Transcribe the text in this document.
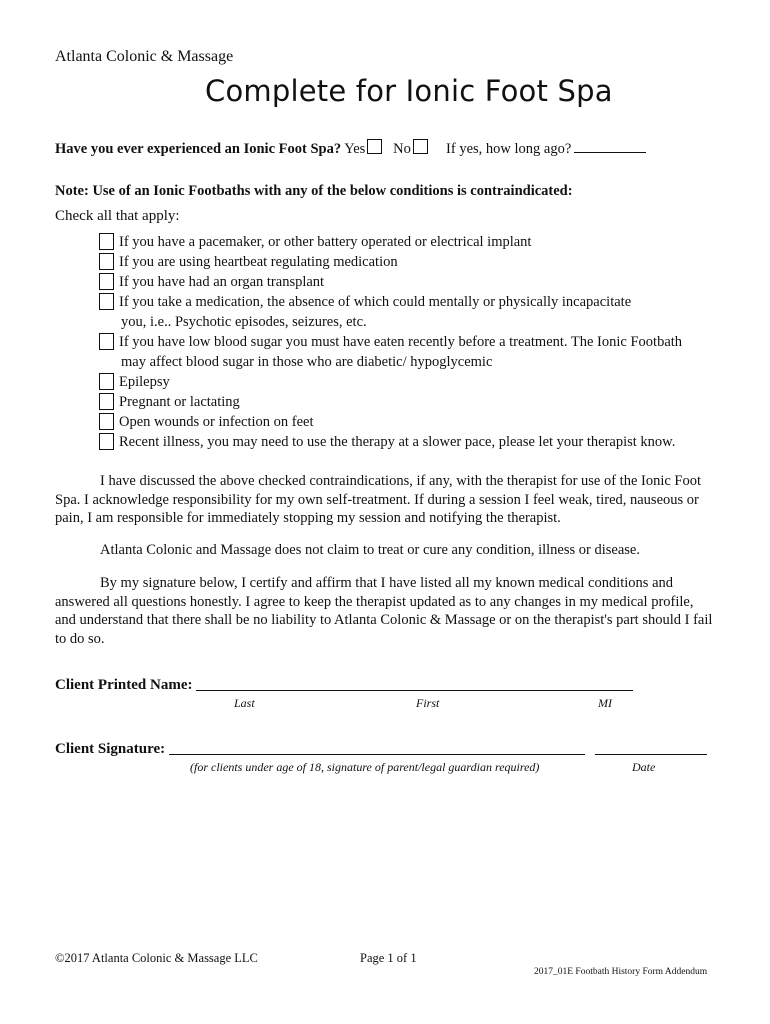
Atlanta Colonic & Massage
Complete for Ionic Foot Spa
Have you ever experienced an Ionic Foot Spa? Yes No If yes, how long ago?
Note: Use of an Ionic Footbaths with any of the below conditions is contraindicated:
Check all that apply:
If you have a pacemaker, or other battery operated or electrical implant
If you are using heartbeat regulating medication
If you have had an organ transplant
If you take a medication, the absence of which could mentally or physically incapacitate
you, i.e.. Psychotic episodes, seizures, etc.
If you have low blood sugar you must have eaten recently before a treatment. The Ionic Footbath
may affect blood sugar in those who are diabetic/ hypoglycemic
Epilepsy
Pregnant or lactating
Open wounds or infection on feet
Recent illness, you may need to use the therapy at a slower pace, please let your therapist know.
I have discussed the above checked contraindications, if any, with the therapist for use of the Ionic Foot Spa. I acknowledge responsibility for my own self-treatment. If during a session I feel weak, tired, nauseous or pain, I am responsible for immediately stopping my session and notifying the therapist.
Atlanta Colonic and Massage does not claim to treat or cure any condition, illness or disease.
By my signature below, I certify and affirm that I have listed all my known medical conditions and answered all questions honestly. I agree to keep the therapist updated as to any changes in my medical profile, and understand that there shall be no liability to Atlanta Colonic & Massage or on the therapist's part should I fail to do so.
Client Printed Name:
Last	First	MI
Client Signature:
(for clients under age of 18, signature of parent/legal guardian required)	Date
©2017 Atlanta Colonic & Massage LLC	Page 1 of 1
2017_01E Footbath History Form Addendum
